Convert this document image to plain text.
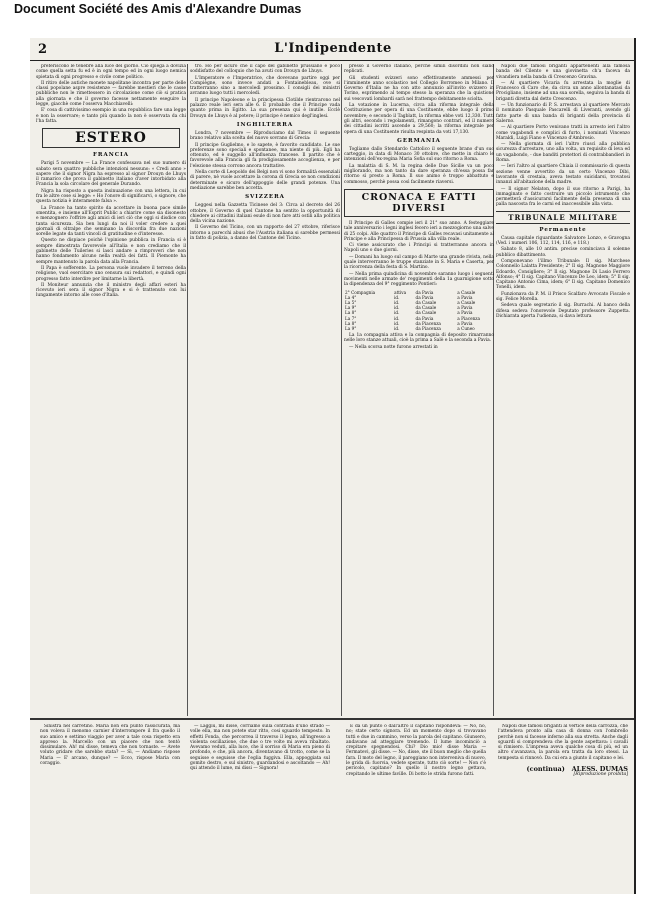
Document Société des Amis d'Alexandre Dumas
2	L'Indipendente

preferiscono le tenebre alla luce del giorno. Ciò spiega a dovizia come quella setta fu ed è in ogni tempo ed in ogni luogo nemica spietata di ogni progresso e civile come politico.

Il ritiro delle autiche monete napolitane incontra per parte delle classi popolane aspre resistenze — farebbe mestieri che le casse pubbliche non le rimettessero in circolazione come ciò si pratica alla giornata e che il governo facesse nettamente eseguire la legge, giacchè come l'osserva Macchiavelli:

E' cosa di cattivissimo esempio in una repubblica fare una legge e non la osservare; e tanto più quando la non è osservata da chi l'ha fatta.

ESTERO
FRANCIA

Parigi 5 novembre — La France confessava nel suo numero di sabato sera quattro pubbliche intenzioni nessuno: « Credi anno » sapere che il signor Nigra ha espresso al signor Drouyn de Lhuys il ramarico che prova il gabinetto italiano d'aver intorbidato alla Francia la sola circolare del generale Durando.

Nigra ha risposto a questa insinuazione con una lettera, in cui fra le altre cose si legge: « Ho l'onore di significarvi, o signore, che questa notizia è interamente falsa ».

La France ha tanto spirito da accettare in buona pace simile smentita, e insieme all'Esprit Public a chiarire come sia disonesto e menzognero l'offrire agli amici di ieri ciò che oggi si disdice con tanta sicurezza. Sia ben lungi da noi il voler credere a quei giornali di oltralpe che seminano la discordia fra due nazioni sorelle legate da tanti vincoli di gratitudine e d'interesse.

Questo ne dispiace poichè l'opinione pubblica in Francia si è sempre dimostrata favorevole all'Italia e non crediamo che il gabinetto delle Tuileries si lasci andare a rimproveri che non hanno fondamento alcuno nella realtà dei fatti. Il Piemonte ha sempre mantenuto la parola data alla Francia.

Il Papa è sofferente. La persona vuole invadere il terreno della religione, vuol esercitare uno censura sui redattori, e quindi ogni progresso fatto interdire per limitarne la libertà.

Il Moniteur annunzia che il ministro degli affari esteri ha ricevuto ieri sera il signor Nigra e si è trattenuto con lui lungamente intorno alle cose d'Italia.

tro. Ho per sicuro che il capo del gabinetto prussiano è poco soddisfatto del colloquio che ha avuti con Drouyn de Lhuys.

L'Imperatore e l'Imperatrice, che dovevano partire oggi per Compiègne, sono invece andati a Fontainebleau, ove si tratterranno sino a mercoledì prossimo. I consigli dei ministri avranno luogo tutti i mercoledì.

Il principe Napoleone e la principessa Clotilde rientrarono nel palazzo reale ieri sera alle 6. È probabile che il Principe vada quanto prima in Egitto. La sua presenza qui è inutile. Ecclè Drouyn de Lhuys è al potere; il principe è nemico degl'inglesi.

INGHILTERRA

Londra, 7 novembre — Riproduciamo dal Times il seguente brano relativo alla scelta del nuovo sovrano di Grecia:

Il principe Guglielmo, e lo sapete, è favorito candidato. Le sue preferenze sono speciali e spontanee, ma niente di più. Egli ha ottenuto, ed è suggello all'influenza francese. Il partito che è favorevole alla Francia gli fa prodigiosamente accoglienza, e per l'elezione stessa corrono ancora trattative.

Nella corte di Leopoldo dei Belgi non vi sono formalità essenziali di parere, nè vuole accettare la corona di Grecia se non condizioni determinate e sicuro dell'appoggio delle grandi potenze. Una mediazione sarebbe ben accetta.

SVIZZERA

Leggesi nella Gazzetta Ticinese del 3: Circa al decreto del 26 ottobre, il Governo di quel Cantone ha sentito la opportunità di chiedere ai cittadini italiani esule di non fare atti ostili alla politica della vicina nazione.

Il Governo del Ticino, con un rapporto del 27 ottobre, riferisce intorno a parecchi abusi che l'Austria italiana si sarebbe permessi in fatto di polizia, a danno del Cantone del Ticino.

presso il Governo italiano, perchè simili disordini non siano replicati.

Gli studenti svizzeri sono effettivamente ammessi per l'imminente anno scolastico nel Collegio Borromeo in Milano. Il Governo d'Italia ne ha con atto annunzio all'invito svizzero in Torino, esprimendo al tempo stesso la speranza che la quistione sui vescovati lombardi sarà nel frattempo debitamente sciolta.

La votazione in Lucerna, circa alla riforma integrale della Costituzione per opera di una Costituente, ebbe luogo il primo novembre; e secondo il Tagblatt, la riforma ebbe voti 12,330. Tutti gli altri, secondo i regolamenti, rimangono contrari, ed il numero dei cittadini iscritti ascende a 29,560; la riforma integrale per opera di una Costituente risulta respinta da voti 17,130.

GERMANIA

Togliamo dallo Stendardo Cattolico il seguente brano d'un suo carteggio, in data di Monaco 30 ottobre, che mette in chiaro le intenzioni dell'ex-regina Maria Sofia sul suo ritorno a Roma.

La malattia di S. M. la regina delle Due Sicilie va un poco migliorando, ma non tanto da dare speranza ch'essa possa far ritorno sì presto a Roma. Il suo animo è troppo abbattuto e commosso, perchè possa così facilmente riaversi.

CRONACA E FATTI DIVERSI

Il Principe di Galles compie ieri il 21° suo anno. A festeggiare tale anniversario i legni inglesi fecero ieri a mezzogiorno una salve di 25 colpi. Alle quattro il Principe di Galles recavasi unitamente al Principe e alla Principessa di Prussia alla villa reale.

Ci viene assicurato che i Principi si tratterranno ancora in Napoli uno o due giorni.

— Domani ha luogo sul campo di Marte una grande rivista, nella quale interverranno le truppe stanziate in S. Maria e Caserta, per la ricorrenza della festa di S. Martino.

— Nella prima quindicina di novembre saranno luogo i seguenti movimenti nelle armate de' reggimenti della 1a guarnigione sotto la dipendenza del 9° reggimento Pontieri:

2° Compagnia	attiva	da Pavia	a Casale
La 4°	id.	da Pavia	a Pavia
La 5°	id.	da Casale	a Casale
La 9°	id.	da Casale	a Pavia
La 8°	id.	da Casale	a Pavia
La 7°	id.	da Pavia	a Piacenza
La 8°	id.	da Piacenza	a Pavia
La 9°	id.	da Piacenza	a Cuneo

La 1a compagnia attiva e la compagnia di deposito rimarranno nelle loro stanze attuali, cioè la prima a Salè e la seconda a Pavia.

— Nella scorsa notte furono arrestati in

Napoli due famosi briganti appartenenti alla famosa banda del Cilento e una giovinetta ch'a faceva da vivandiera nella banda di Crescenzo Gravina.

— Al quartiere Vicaria fu arrestata la moglie di Francesco di Caro che, da circa un anno allontanatasi da Procigliano, insieme ad una sua sorella, seguiva la banda di briganti diretta dal detto Crescenzo.

— Un funzionario di P. S. arrestava al quartiere Mercato il nominato Pasquale Pascarelli di Liveranti, avendo gli fatto parte di una banda di briganti della provincia di Salerno.

— Al quartiere Porto venivano tratti in arresto ieri l'altro come vagabondi e complici di furto, i nominati Vincenzo Maraldi, Luigi Fiano e Vincenzo d'Ambrosio.

— Nella giornata di ieri l'altro riuscì alla pubblica sicurezza d'arrestare, uno alla volta, un requisito di leva ed un vagabondo, - due banditi protettori di contrabbandieri in Roma.

— Ieri l'altro al quartiere Chiaia il commissario di questa sezione venne avvertito da un certo Vincenzo Dibi, lavorante di crestaia, aveva testato suicidarsi, trovatosi innanzi all'abitazione della madre.

— Il signor Nelaton, dopo il suo ritorno a Parigi, ha immaginato e fatto costruire un piccolo istrumento che permetterà d'assicurarsi facilmente della presenza di una palla nascosta fra le carni ed inaccessibile alla vista.

TRIBUNALE MILITARE
Permanente

Causa capitale riguardante Salvatore Lonzo, e Gravogna (Ved. i numeri 106, 112, 114, 116, e 118.)

Sabato 8, alle 10 antim. precise cominciava il solenne pubblico dibattimento.

Componevano l'illmo Tribunale: Il sig. Marchese Colonnello Lalatta Presidente; 2° Il sig. Magnone Maggiore Edoardo, Consigliere; 3° Il sig. Magnone Di Lasio Ferrero Alfonso; 4° Il sig. Capitano Vincenzo De Leo, idem; 5° Il sig. Capitano Antonio Cima, idem; 6° Il sig. Capitano Domenico Tonelli, idem.

Funzionava da P. M. il Prisco Scalfaro Avvocato Fiscale e sig. Felice Morella.

Sedeva quale segretario il sig. Burrachi. Al banco della difesa sedeva l'onorevole Deputato professore Zuppetta. Dichiarata aperta l'udienza, si dava lettura

Sinistra nel carretino. Maria non era punto rassicurata, ma non voleva il menomo carnier d'interrompere il fra quello il suo amico e settimo viaggio per aver a tale cosa rispetto era appreso la. Marcello con un piacere che non tentò dissimulare. Ah! mi disse, temeva che non tornaste. — Avete voluto gridare che sarebbe stata? — Sì, — Andiamo rispose Maria — E' arcano, dunque? — Ecco, rispose Maria con coraggio.

— Laggiù, mi disse, corriamo sulla contrada d'uno strado — volle ella, ma non potete star ritto, cosi sguardo tempesto. In effetti Fonda, che percorrea il traverso il legno, all'ingresso a violenta oscillazione, che due o tre volte mi aveva ribaltato. Avevamo veduti, alla luce, che il sorriso di Maria era pieno di profondo, e che, più ancora, diventavano di trotto, come se la seguisse e seguisse che l'eglia fuggiva. Ella, appoggiata sul gomito destro, e sul sinistro, guardandosi e ascoltando — Ah! qui attendo il lume, mi dissi — Signora!

E da un punto o dall'altro il capitano rispondeva: — No, no, no; state certo signora. Ed un momento dopo si trovavano tutti e due in cammino, verso la parola del capitano. Giunsero, andavano ad atteggiare tremendo. Il lume incominciò a crepitare spegnendosi. Chi? Dio mio! disse Maria — Fermatevi, gli disse. — No, disse, ste il buon meglio che quella fara. Il moto del legno, il pareggiano non interveniva di nuovo, le grida di: fuorvia, vedete sperate, tutto ciò sorte! — Non c'è pericolo, capitano? In quello il nostro legno gettava, crepitando le ultime faville. Di botto le strida furono fatti.

Napoli due famosi briganti al vertice della carrozza, che l'attendeva pronto alla casa di donna con l'ombrello perchè non si facesse inferno alla sua stretta. Anche dagli sguardi si comprendeva che la gente aspettava: i cavalli si rimisero. L'impresa aveva qualche cosa di più, ed un altro s'avanzava, la parola era tratta da loro stessi. La tempesta si rinnovò. Da cui era a giunto il capitano e lei.

(continua) ALESS. DUMAS
[Riproduzione proibita]
